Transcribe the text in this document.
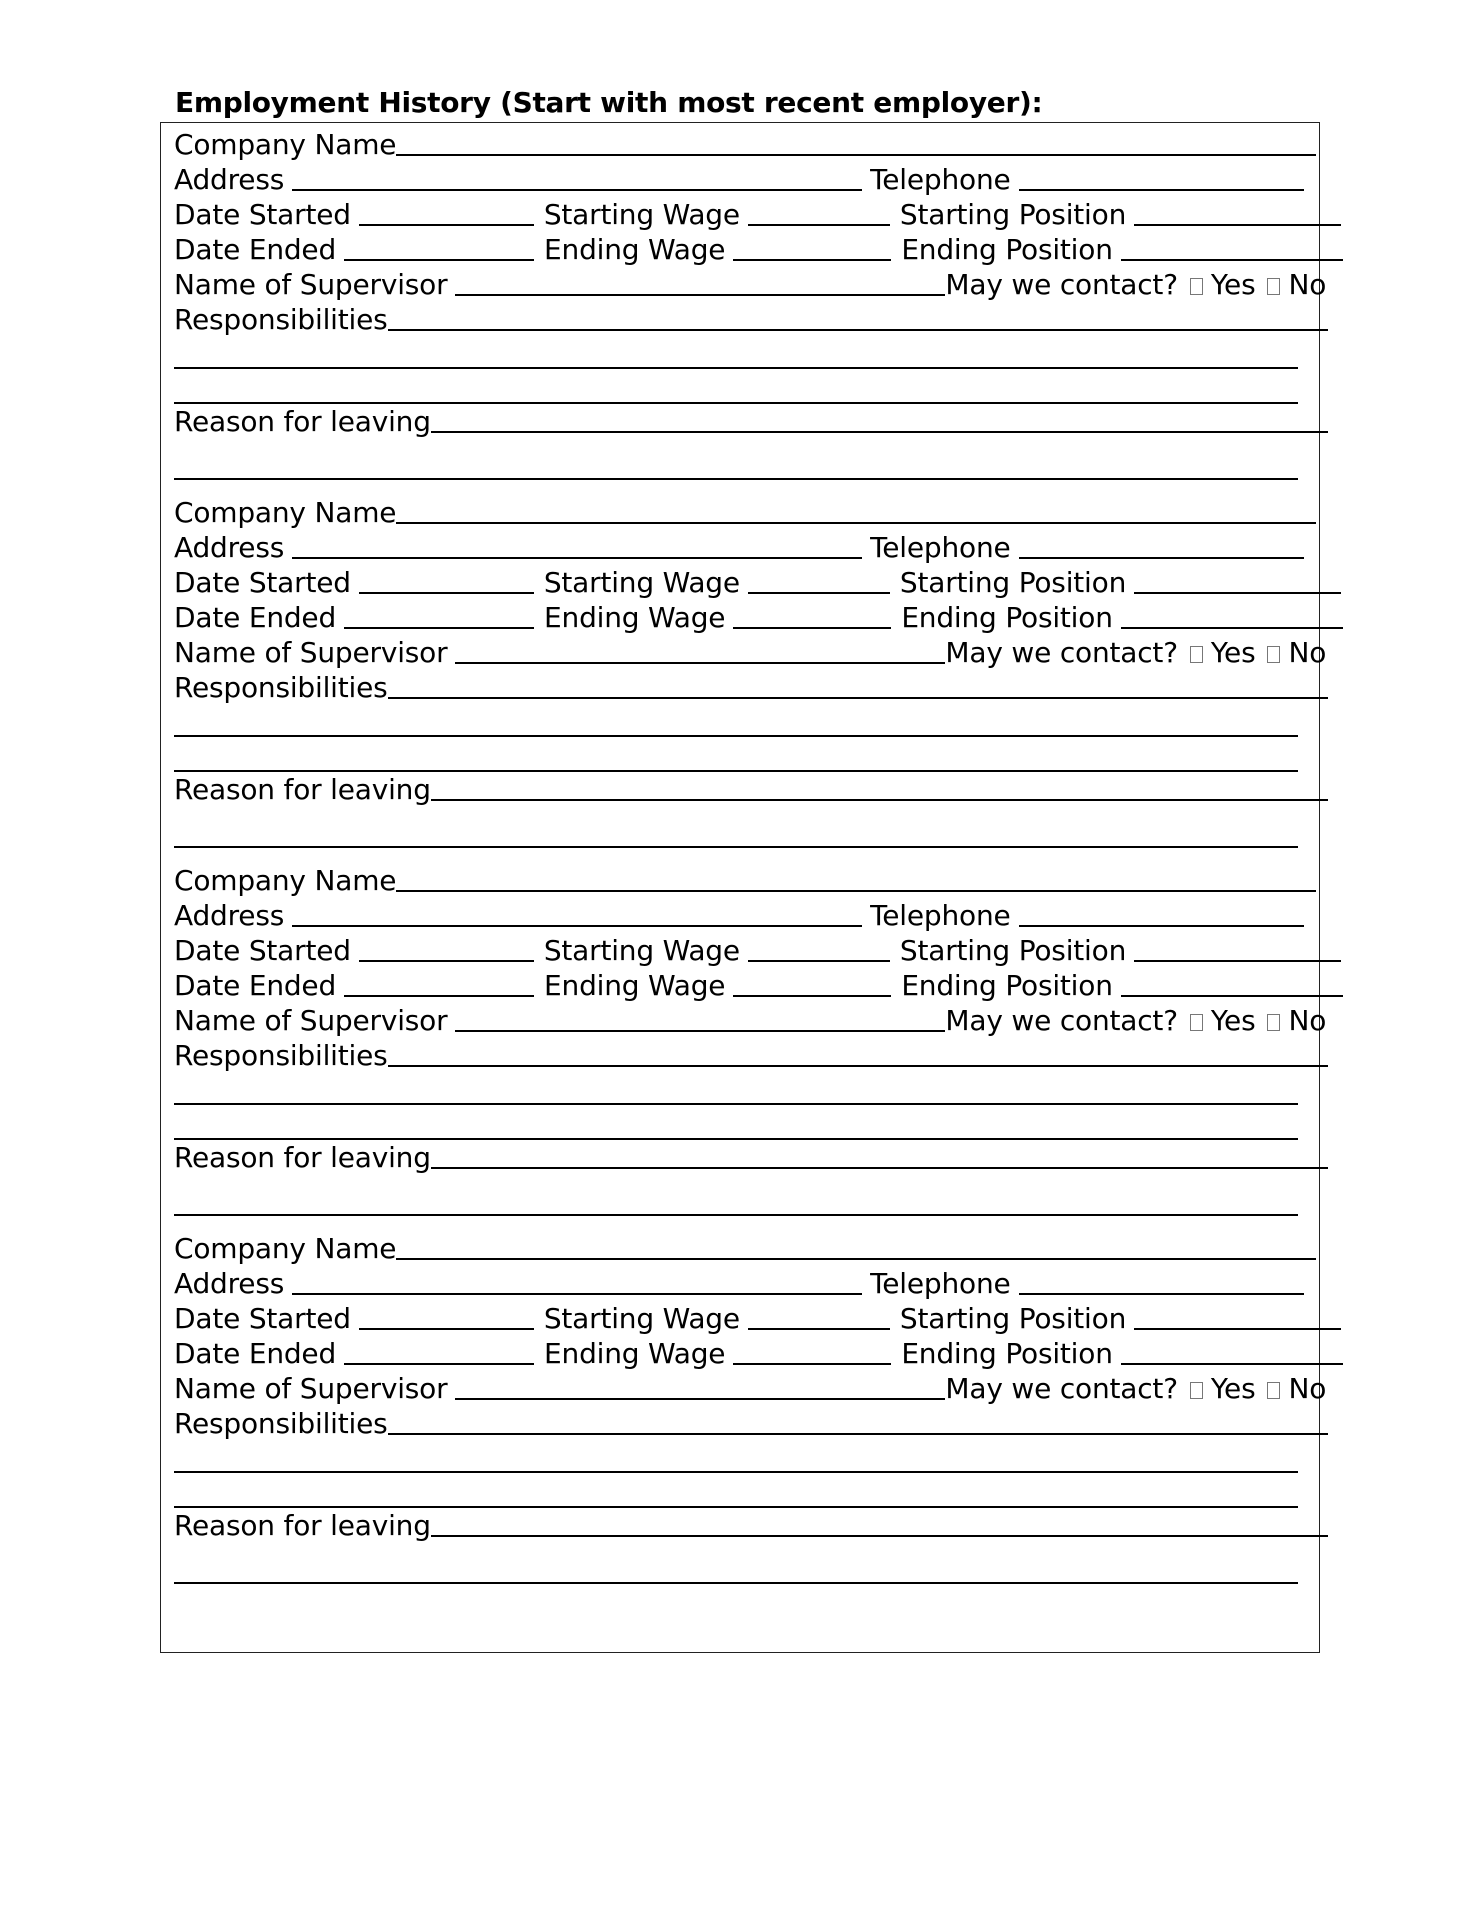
Employment History (Start with most recent employer):
Company Name
Address	Telephone
Date Started	Starting Wage	Starting Position
Date Ended	Ending Wage	Ending Position
Name of Supervisor	May we contact? Yes No
Responsibilities
Reason for leaving
Company Name
Address	Telephone
Date Started	Starting Wage	Starting Position
Date Ended	Ending Wage	Ending Position
Name of Supervisor	May we contact? Yes No
Responsibilities
Reason for leaving
Company Name
Address	Telephone
Date Started	Starting Wage	Starting Position
Date Ended	Ending Wage	Ending Position
Name of Supervisor	May we contact? Yes No
Responsibilities
Reason for leaving
Company Name
Address	Telephone
Date Started	Starting Wage	Starting Position
Date Ended	Ending Wage	Ending Position
Name of Supervisor	May we contact? Yes No
Responsibilities
Reason for leaving
